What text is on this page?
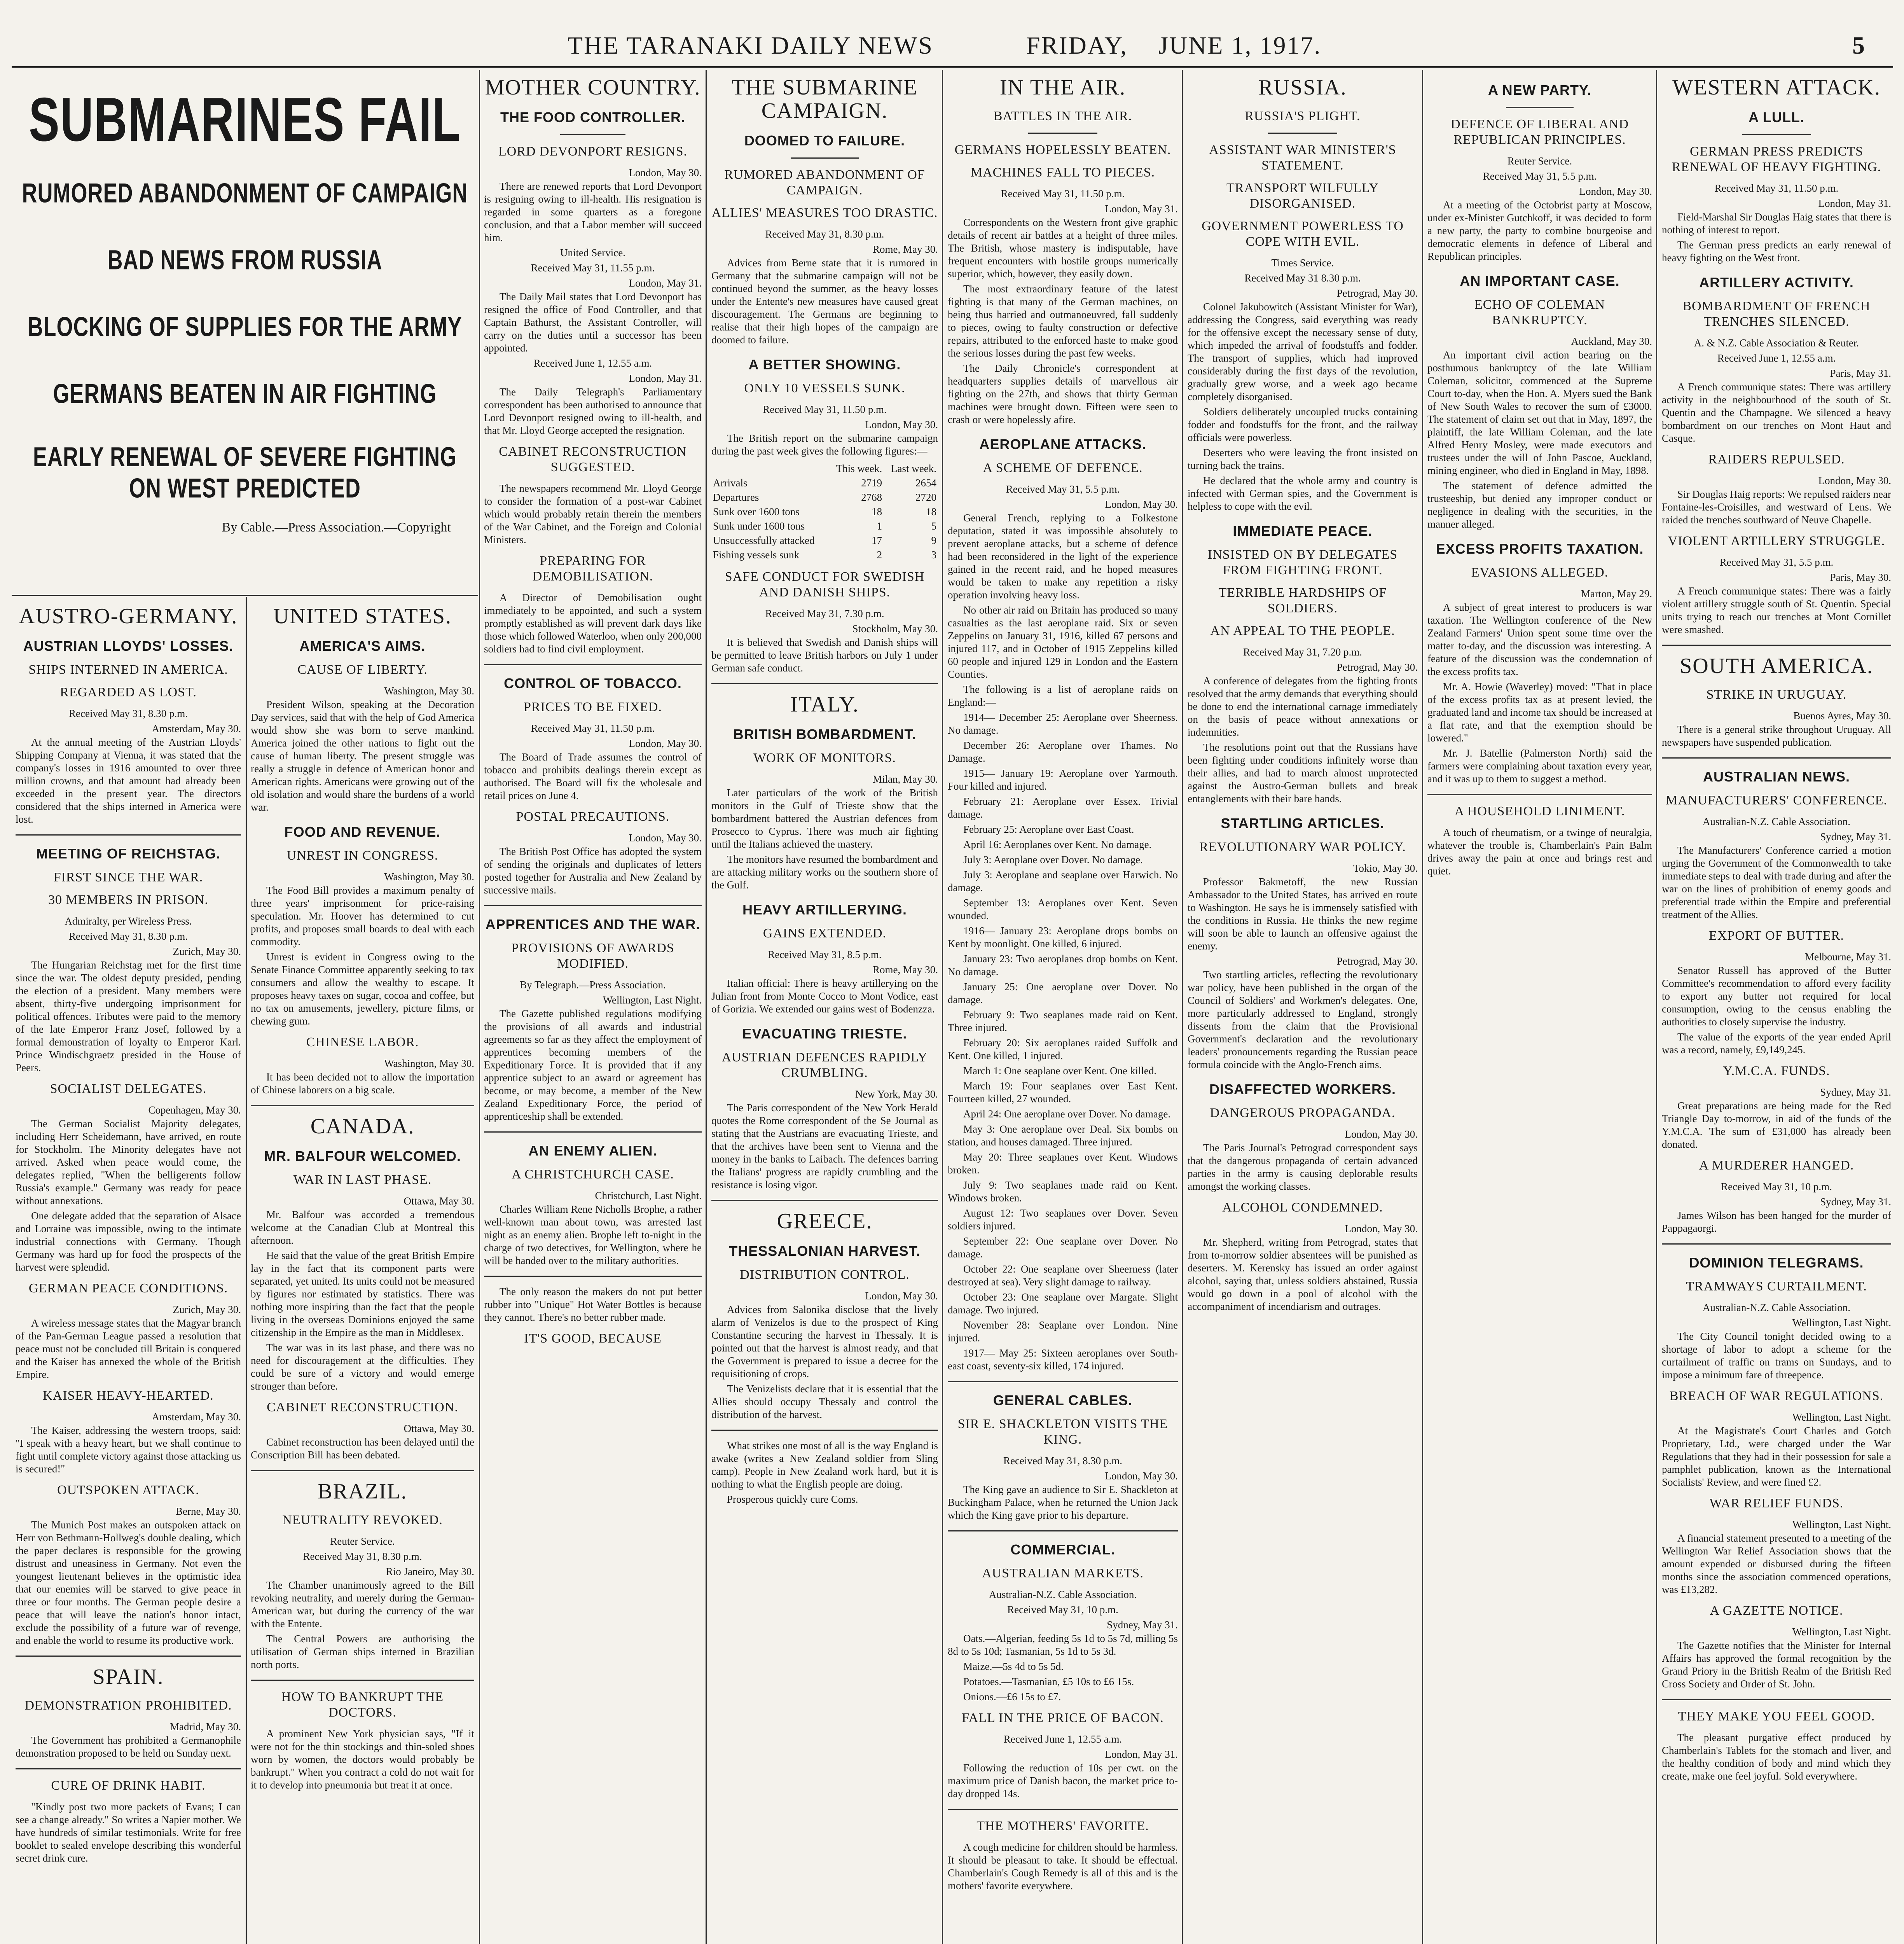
THE TARANAKI DAILY NEWS	FRIDAY, JUNE 1, 1917.	5
SUBMARINES FAIL
RUMORED ABANDONMENT OF CAMPAIGN
BAD NEWS FROM RUSSIA
BLOCKING OF SUPPLIES FOR THE ARMY
GERMANS BEATEN IN AIR FIGHTING
EARLY RENEWAL OF SEVERE FIGHTING ON WEST PREDICTED
By Cable.—Press Association.—Copyright
AUSTRO-GERMANY.
AUSTRIAN LLOYDS' LOSSES.
SHIPS INTERNED IN AMERICA.
REGARDED AS LOST.
Received May 31, 8.30 p.m.
Amsterdam, May 30.

At the annual meeting of the Austrian Lloyds' Shipping Company at Vienna, it was stated that the company's losses in 1916 amounted to over three million crowns, and that amount had already been exceeded in the present year. The directors considered that the ships interned in America were lost.

MEETING OF REICHSTAG.
FIRST SINCE THE WAR.
30 MEMBERS IN PRISON.
Admiralty, per Wireless Press.
Received May 31, 8.30 p.m.
Zurich, May 30.

The Hungarian Reichstag met for the first time since the war. The oldest deputy presided, pending the election of a president. Many members were absent, thirty-five undergoing imprisonment for political offences. Tributes were paid to the memory of the late Emperor Franz Josef, followed by a formal demonstration of loyalty to Emperor Karl. Prince Windischgraetz presided in the House of Peers.

SOCIALIST DELEGATES.
Copenhagen, May 30.

The German Socialist Majority delegates, including Herr Scheidemann, have arrived, en route for Stockholm. The Minority delegates have not arrived. Asked when peace would come, the delegates replied, "When the belligerents follow Russia's example." Germany was ready for peace without annexations.

One delegate added that the separation of Alsace and Lorraine was impossible, owing to the intimate industrial connections with Germany. Though Germany was hard up for food the prospects of the harvest were splendid.

GERMAN PEACE CONDITIONS.
Zurich, May 30.

A wireless message states that the Magyar branch of the Pan-German League passed a resolution that peace must not be concluded till Britain is conquered and the Kaiser has annexed the whole of the British Empire.

KAISER HEAVY-HEARTED.
Amsterdam, May 30.

The Kaiser, addressing the western troops, said: "I speak with a heavy heart, but we shall continue to fight until complete victory against those attacking us is secured!"

OUTSPOKEN ATTACK.
Berne, May 30.

The Munich Post makes an outspoken attack on Herr von Bethmann-Hollweg's double dealing, which the paper declares is responsible for the growing distrust and uneasiness in Germany. Not even the youngest lieutenant believes in the optimistic idea that our enemies will be starved to give peace in three or four months. The German people desire a peace that will leave the nation's honor intact, exclude the possibility of a future war of revenge, and enable the world to resume its productive work.

SPAIN.
DEMONSTRATION PROHIBITED.
Madrid, May 30.

The Government has prohibited a Germanophile demonstration proposed to be held on Sunday next.

CURE OF DRINK HABIT.

"Kindly post two more packets of Evans; I can see a change already." So writes a Napier mother. We have hundreds of similar testimonials. Write for free booklet to sealed envelope describing this wonderful secret drink cure.

UNITED STATES.
AMERICA'S AIMS.
CAUSE OF LIBERTY.
Washington, May 30.

President Wilson, speaking at the Decoration Day services, said that with the help of God America would show she was born to serve mankind. America joined the other nations to fight out the cause of human liberty. The present struggle was really a struggle in defence of American honor and American rights. Americans were growing out of the old isolation and would share the burdens of a world war.

FOOD AND REVENUE.
UNREST IN CONGRESS.
Washington, May 30.

The Food Bill provides a maximum penalty of three years' imprisonment for price-raising speculation. Mr. Hoover has determined to cut profits, and proposes small boards to deal with each commodity.

Unrest is evident in Congress owing to the Senate Finance Committee apparently seeking to tax consumers and allow the wealthy to escape. It proposes heavy taxes on sugar, cocoa and coffee, but no tax on amusements, jewellery, picture films, or chewing gum.

CHINESE LABOR.
Washington, May 30.

It has been decided not to allow the importation of Chinese laborers on a big scale.

CANADA.
MR. BALFOUR WELCOMED.
WAR IN LAST PHASE.
Ottawa, May 30.

Mr. Balfour was accorded a tremendous welcome at the Canadian Club at Montreal this afternoon.

He said that the value of the great British Empire lay in the fact that its component parts were separated, yet united. Its units could not be measured by figures nor estimated by statistics. There was nothing more inspiring than the fact that the people living in the overseas Dominions enjoyed the same citizenship in the Empire as the man in Middlesex.

The war was in its last phase, and there was no need for discouragement at the difficulties. They could be sure of a victory and would emerge stronger than before.

CABINET RECONSTRUCTION.
Ottawa, May 30.

Cabinet reconstruction has been delayed until the Conscription Bill has been debated.

BRAZIL.
NEUTRALITY REVOKED.
Reuter Service.
Received May 31, 8.30 p.m.
Rio Janeiro, May 30.

The Chamber unanimously agreed to the Bill revoking neutrality, and merely during the German-American war, but during the currency of the war with the Entente.

The Central Powers are authorising the utilisation of German ships interned in Brazilian north ports.

HOW TO BANKRUPT THE DOCTORS.

A prominent New York physician says, "If it were not for the thin stockings and thin-soled shoes worn by women, the doctors would probably be bankrupt." When you contract a cold do not wait for it to develop into pneumonia but treat it at once.

MOTHER COUNTRY.
THE FOOD CONTROLLER.
LORD DEVONPORT RESIGNS.
London, May 30.

There are renewed reports that Lord Devonport is resigning owing to ill-health. His resignation is regarded in some quarters as a foregone conclusion, and that a Labor member will succeed him.

United Service.
Received May 31, 11.55 p.m.
London, May 31.

The Daily Mail states that Lord Devonport has resigned the office of Food Controller, and that Captain Bathurst, the Assistant Controller, will carry on the duties until a successor has been appointed.

Received June 1, 12.55 a.m.
London, May 31.

The Daily Telegraph's Parliamentary correspondent has been authorised to announce that Lord Devonport resigned owing to ill-health, and that Mr. Lloyd George accepted the resignation.

CABINET RECONSTRUCTION SUGGESTED.

The newspapers recommend Mr. Lloyd George to consider the formation of a post-war Cabinet which would probably retain therein the members of the War Cabinet, and the Foreign and Colonial Ministers.

PREPARING FOR DEMOBILISATION.

A Director of Demobilisation ought immediately to be appointed, and such a system promptly established as will prevent dark days like those which followed Waterloo, when only 200,000 soldiers had to find civil employment.

CONTROL OF TOBACCO.
PRICES TO BE FIXED.
Received May 31, 11.50 p.m.
London, May 30.

The Board of Trade assumes the control of tobacco and prohibits dealings therein except as authorised. The Board will fix the wholesale and retail prices on June 4.

POSTAL PRECAUTIONS.
London, May 30.

The British Post Office has adopted the system of sending the originals and duplicates of letters posted together for Australia and New Zealand by successive mails.

APPRENTICES AND THE WAR.
PROVISIONS OF AWARDS MODIFIED.
By Telegraph.—Press Association.
Wellington, Last Night.

The Gazette published regulations modifying the provisions of all awards and industrial agreements so far as they affect the employment of apprentices becoming members of the Expeditionary Force. It is provided that if any apprentice subject to an award or agreement has become, or may become, a member of the New Zealand Expeditionary Force, the period of apprenticeship shall be extended.

AN ENEMY ALIEN.
A CHRISTCHURCH CASE.
Christchurch, Last Night.

Charles William Rene Nicholls Brophe, a rather well-known man about town, was arrested last night as an enemy alien. Brophe left to-night in the charge of two detectives, for Wellington, where he will be handed over to the military authorities.

The only reason the makers do not put better rubber into "Unique" Hot Water Bottles is because they cannot. There's no better rubber made.

IT'S GOOD, BECAUSE
THE SUBMARINE CAMPAIGN.
DOOMED TO FAILURE.
RUMORED ABANDONMENT OF CAMPAIGN.
ALLIES' MEASURES TOO DRASTIC.
Received May 31, 8.30 p.m.
Rome, May 30.

Advices from Berne state that it is rumored in Germany that the submarine campaign will not be continued beyond the summer, as the heavy losses under the Entente's new measures have caused great discouragement. The Germans are beginning to realise that their high hopes of the campaign are doomed to failure.

A BETTER SHOWING.
ONLY 10 VESSELS SUNK.
Received May 31, 11.50 p.m.
London, May 30.

The British report on the submarine campaign during the past week gives the following figures:—

	This week.	Last week.
Arrivals	2719	2654
Departures	2768	2720
Sunk over 1600 tons	18	18
Sunk under 1600 tons	1	5
Unsuccessfully attacked	17	9
Fishing vessels sunk	2	3
SAFE CONDUCT FOR SWEDISH AND DANISH SHIPS.
Received May 31, 7.30 p.m.
Stockholm, May 30.

It is believed that Swedish and Danish ships will be permitted to leave British harbors on July 1 under German safe conduct.

ITALY.
BRITISH BOMBARDMENT.
WORK OF MONITORS.
Milan, May 30.

Later particulars of the work of the British monitors in the Gulf of Trieste show that the bombardment battered the Austrian defences from Prosecco to Cyprus. There was much air fighting until the Italians achieved the mastery.

The monitors have resumed the bombardment and are attacking military works on the southern shore of the Gulf.

HEAVY ARTILLERYING.
GAINS EXTENDED.
Received May 31, 8.5 p.m.
Rome, May 30.

Italian official: There is heavy artillerying on the Julian front from Monte Cocco to Mont Vodice, east of Gorizia. We extended our gains west of Bodenzza.

EVACUATING TRIESTE.
AUSTRIAN DEFENCES RAPIDLY CRUMBLING.
New York, May 30.

The Paris correspondent of the New York Herald quotes the Rome correspondent of the Se Journal as stating that the Austrians are evacuating Trieste, and that the archives have been sent to Vienna and the money in the banks to Laibach. The defences barring the Italians' progress are rapidly crumbling and the resistance is losing vigor.

GREECE.
THESSALONIAN HARVEST.
DISTRIBUTION CONTROL.
London, May 30.

Advices from Salonika disclose that the lively alarm of Venizelos is due to the prospect of King Constantine securing the harvest in Thessaly. It is pointed out that the harvest is almost ready, and that the Government is prepared to issue a decree for the requisitioning of crops.

The Venizelists declare that it is essential that the Allies should occupy Thessaly and control the distribution of the harvest.

What strikes one most of all is the way England is awake (writes a New Zealand soldier from Sling camp). People in New Zealand work hard, but it is nothing to what the English people are doing.

Prosperous quickly cure Coms.

IN THE AIR.
BATTLES IN THE AIR.
GERMANS HOPELESSLY BEATEN.
MACHINES FALL TO PIECES.
Received May 31, 11.50 p.m.
London, May 31.

Correspondents on the Western front give graphic details of recent air battles at a height of three miles. The British, whose mastery is indisputable, have frequent encounters with hostile groups numerically superior, which, however, they easily down.

The most extraordinary feature of the latest fighting is that many of the German machines, on being thus harried and outmanoeuvred, fall suddenly to pieces, owing to faulty construction or defective repairs, attributed to the enforced haste to make good the serious losses during the past few weeks.

The Daily Chronicle's correspondent at headquarters supplies details of marvellous air fighting on the 27th, and shows that thirty German machines were brought down. Fifteen were seen to crash or were hopelessly afire.

AEROPLANE ATTACKS.
A SCHEME OF DEFENCE.
Received May 31, 5.5 p.m.
London, May 30.

General French, replying to a Folkestone deputation, stated it was impossible absolutely to prevent aeroplane attacks, but a scheme of defence had been reconsidered in the light of the experience gained in the recent raid, and he hoped measures would be taken to make any repetition a risky operation involving heavy loss.

No other air raid on Britain has produced so many casualties as the last aeroplane raid. Six or seven Zeppelins on January 31, 1916, killed 67 persons and injured 117, and in October of 1915 Zeppelins killed 60 people and injured 129 in London and the Eastern Counties.

The following is a list of aeroplane raids on England:—

1914— December 25: Aeroplane over Sheerness. No damage.

December 26: Aeroplane over Thames. No Damage.

1915— January 19: Aeroplane over Yarmouth. Four killed and injured.

February 21: Aeroplane over Essex. Trivial damage.

February 25: Aeroplane over East Coast.

April 16: Aeroplanes over Kent. No damage.

July 3: Aeroplane over Dover. No damage.

July 3: Aeroplane and seaplane over Harwich. No damage.

September 13: Aeroplanes over Kent. Seven wounded.

1916— January 23: Aeroplane drops bombs on Kent by moonlight. One killed, 6 injured.

January 23: Two aeroplanes drop bombs on Kent. No damage.

January 25: One aeroplane over Dover. No damage.

February 9: Two seaplanes made raid on Kent. Three injured.

February 20: Six aeroplanes raided Suffolk and Kent. One killed, 1 injured.

March 1: One seaplane over Kent. One killed.

March 19: Four seaplanes over East Kent. Fourteen killed, 27 wounded.

April 24: One aeroplane over Dover. No damage.

May 3: One aeroplane over Deal. Six bombs on station, and houses damaged. Three injured.

May 20: Three seaplanes over Kent. Windows broken.

July 9: Two seaplanes made raid on Kent. Windows broken.

August 12: Two seaplanes over Dover. Seven soldiers injured.

September 22: One seaplane over Dover. No damage.

October 22: One seaplane over Sheerness (later destroyed at sea). Very slight damage to railway.

October 23: One seaplane over Margate. Slight damage. Two injured.

November 28: Seaplane over London. Nine injured.

1917— May 25: Sixteen aeroplanes over South-east coast, seventy-six killed, 174 injured.

GENERAL CABLES.
SIR E. SHACKLETON VISITS THE KING.
Received May 31, 8.30 p.m.
London, May 30.

The King gave an audience to Sir E. Shackleton at Buckingham Palace, when he returned the Union Jack which the King gave prior to his departure.

COMMERCIAL.
AUSTRALIAN MARKETS.
Australian-N.Z. Cable Association.
Received May 31, 10 p.m.
Sydney, May 31.

Oats.—Algerian, feeding 5s 1d to 5s 7d, milling 5s 8d to 5s 10d; Tasmanian, 5s 1d to 5s 3d.

Maize.—5s 4d to 5s 5d.

Potatoes.—Tasmanian, £5 10s to £6 15s.

Onions.—£6 15s to £7.

FALL IN THE PRICE OF BACON.
Received June 1, 12.55 a.m.
London, May 31.

Following the reduction of 10s per cwt. on the maximum price of Danish bacon, the market price to-day dropped 14s.

THE MOTHERS' FAVORITE.

A cough medicine for children should be harmless. It should be pleasant to take. It should be effectual. Chamberlain's Cough Remedy is all of this and is the mothers' favorite everywhere.

RUSSIA.
RUSSIA'S PLIGHT.
ASSISTANT WAR MINISTER'S STATEMENT.
TRANSPORT WILFULLY DISORGANISED.
GOVERNMENT POWERLESS TO COPE WITH EVIL.
Times Service.
Received May 31 8.30 p.m.
Petrograd, May 30.

Colonel Jakubowitch (Assistant Minister for War), addressing the Congress, said everything was ready for the offensive except the necessary sense of duty, which impeded the arrival of foodstuffs and fodder. The transport of supplies, which had improved considerably during the first days of the revolution, gradually grew worse, and a week ago became completely disorganised.

Soldiers deliberately uncoupled trucks containing fodder and foodstuffs for the front, and the railway officials were powerless.

Deserters who were leaving the front insisted on turning back the trains.

He declared that the whole army and country is infected with German spies, and the Government is helpless to cope with the evil.

IMMEDIATE PEACE.
INSISTED ON BY DELEGATES FROM FIGHTING FRONT.
TERRIBLE HARDSHIPS OF SOLDIERS.
AN APPEAL TO THE PEOPLE.
Received May 31, 7.20 p.m.
Petrograd, May 30.

A conference of delegates from the fighting fronts resolved that the army demands that everything should be done to end the international carnage immediately on the basis of peace without annexations or indemnities.

The resolutions point out that the Russians have been fighting under conditions infinitely worse than their allies, and had to march almost unprotected against the Austro-German bullets and break entanglements with their bare hands.

STARTLING ARTICLES.
REVOLUTIONARY WAR POLICY.
Tokio, May 30.

Professor Bakmetoff, the new Russian Ambassador to the United States, has arrived en route to Washington. He says he is immensely satisfied with the conditions in Russia. He thinks the new regime will soon be able to launch an offensive against the enemy.

Petrograd, May 30.

Two startling articles, reflecting the revolutionary war policy, have been published in the organ of the Council of Soldiers' and Workmen's delegates. One, more particularly addressed to England, strongly dissents from the claim that the Provisional Government's declaration and the revolutionary leaders' pronouncements regarding the Russian peace formula coincide with the Anglo-French aims.

DISAFFECTED WORKERS.
DANGEROUS PROPAGANDA.
London, May 30.

The Paris Journal's Petrograd correspondent says that the dangerous propaganda of certain advanced parties in the army is causing deplorable results amongst the working classes.

ALCOHOL CONDEMNED.
London, May 30.

Mr. Shepherd, writing from Petrograd, states that from to-morrow soldier absentees will be punished as deserters. M. Kerensky has issued an order against alcohol, saying that, unless soldiers abstained, Russia would go down in a pool of alcohol with the accompaniment of incendiarism and outrages.

A NEW PARTY.
DEFENCE OF LIBERAL AND REPUBLICAN PRINCIPLES.
Reuter Service.
Received May 31, 5.5 p.m.
London, May 30.

At a meeting of the Octobrist party at Moscow, under ex-Minister Gutchkoff, it was decided to form a new party, the party to combine bourgeoise and democratic elements in defence of Liberal and Republican principles.

AN IMPORTANT CASE.
ECHO OF COLEMAN BANKRUPTCY.
Auckland, May 30.

An important civil action bearing on the posthumous bankruptcy of the late William Coleman, solicitor, commenced at the Supreme Court to-day, when the Hon. A. Myers sued the Bank of New South Wales to recover the sum of £3000. The statement of claim set out that in May, 1897, the plaintiff, the late William Coleman, and the late Alfred Henry Mosley, were made executors and trustees under the will of John Pascoe, Auckland, mining engineer, who died in England in May, 1898.

The statement of defence admitted the trusteeship, but denied any improper conduct or negligence in dealing with the securities, in the manner alleged.

EXCESS PROFITS TAXATION.
EVASIONS ALLEGED.
Marton, May 29.

A subject of great interest to producers is war taxation. The Wellington conference of the New Zealand Farmers' Union spent some time over the matter to-day, and the discussion was interesting. A feature of the discussion was the condemnation of the excess profits tax.

Mr. A. Howie (Waverley) moved: "That in place of the excess profits tax as at present levied, the graduated land and income tax should be increased at a flat rate, and that the exemption should be lowered."

Mr. J. Batellie (Palmerston North) said the farmers were complaining about taxation every year, and it was up to them to suggest a method.

A HOUSEHOLD LINIMENT.

A touch of rheumatism, or a twinge of neuralgia, whatever the trouble is, Chamberlain's Pain Balm drives away the pain at once and brings rest and quiet.

WESTERN ATTACK.
A LULL.
GERMAN PRESS PREDICTS RENEWAL OF HEAVY FIGHTING.
Received May 31, 11.50 p.m.
London, May 31.

Field-Marshal Sir Douglas Haig states that there is nothing of interest to report.

The German press predicts an early renewal of heavy fighting on the West front.

ARTILLERY ACTIVITY.
BOMBARDMENT OF FRENCH TRENCHES SILENCED.
A. & N.Z. Cable Association & Reuter.
Received June 1, 12.55 a.m.
Paris, May 31.

A French communique states: There was artillery activity in the neighbourhood of the south of St. Quentin and the Champagne. We silenced a heavy bombardment on our trenches on Mont Haut and Casque.

RAIDERS REPULSED.
London, May 30.

Sir Douglas Haig reports: We repulsed raiders near Fontaine-les-Croisilles, and westward of Lens. We raided the trenches southward of Neuve Chapelle.

VIOLENT ARTILLERY STRUGGLE.
Received May 31, 5.5 p.m.
Paris, May 30.

A French communique states: There was a fairly violent artillery struggle south of St. Quentin. Special units trying to reach our trenches at Mont Cornillet were smashed.

SOUTH AMERICA.
STRIKE IN URUGUAY.
Buenos Ayres, May 30.

There is a general strike throughout Uruguay. All newspapers have suspended publication.

AUSTRALIAN NEWS.
MANUFACTURERS' CONFERENCE.
Australian-N.Z. Cable Association.
Sydney, May 31.

The Manufacturers' Conference carried a motion urging the Government of the Commonwealth to take immediate steps to deal with trade during and after the war on the lines of prohibition of enemy goods and preferential trade within the Empire and preferential treatment of the Allies.

EXPORT OF BUTTER.
Melbourne, May 31.

Senator Russell has approved of the Butter Committee's recommendation to afford every facility to export any butter not required for local consumption, owing to the census enabling the authorities to closely supervise the industry.

The value of the exports of the year ended April was a record, namely, £9,149,245.

Y.M.C.A. FUNDS.
Sydney, May 31.

Great preparations are being made for the Red Triangle Day to-morrow, in aid of the funds of the Y.M.C.A. The sum of £31,000 has already been donated.

A MURDERER HANGED.
Received May 31, 10 p.m.
Sydney, May 31.

James Wilson has been hanged for the murder of Pappagaorgi.

DOMINION TELEGRAMS.
TRAMWAYS CURTAILMENT.
Australian-N.Z. Cable Association.
Wellington, Last Night.

The City Council tonight decided owing to a shortage of labor to adopt a scheme for the curtailment of traffic on trams on Sundays, and to impose a minimum fare of threepence.

BREACH OF WAR REGULATIONS.
Wellington, Last Night.

At the Magistrate's Court Charles and Gotch Proprietary, Ltd., were charged under the War Regulations that they had in their possession for sale a pamphlet publication, known as the International Socialists' Review, and were fined £2.

WAR RELIEF FUNDS.
Wellington, Last Night.

A financial statement presented to a meeting of the Wellington War Relief Association shows that the amount expended or disbursed during the fifteen months since the association commenced operations, was £13,282.

A GAZETTE NOTICE.
Wellington, Last Night.

The Gazette notifies that the Minister for Internal Affairs has approved the formal recognition by the Grand Priory in the British Realm of the British Red Cross Society and Order of St. John.

THEY MAKE YOU FEEL GOOD.

The pleasant purgative effect produced by Chamberlain's Tablets for the stomach and liver, and the healthy condition of body and mind which they create, make one feel joyful. Sold everywhere.
